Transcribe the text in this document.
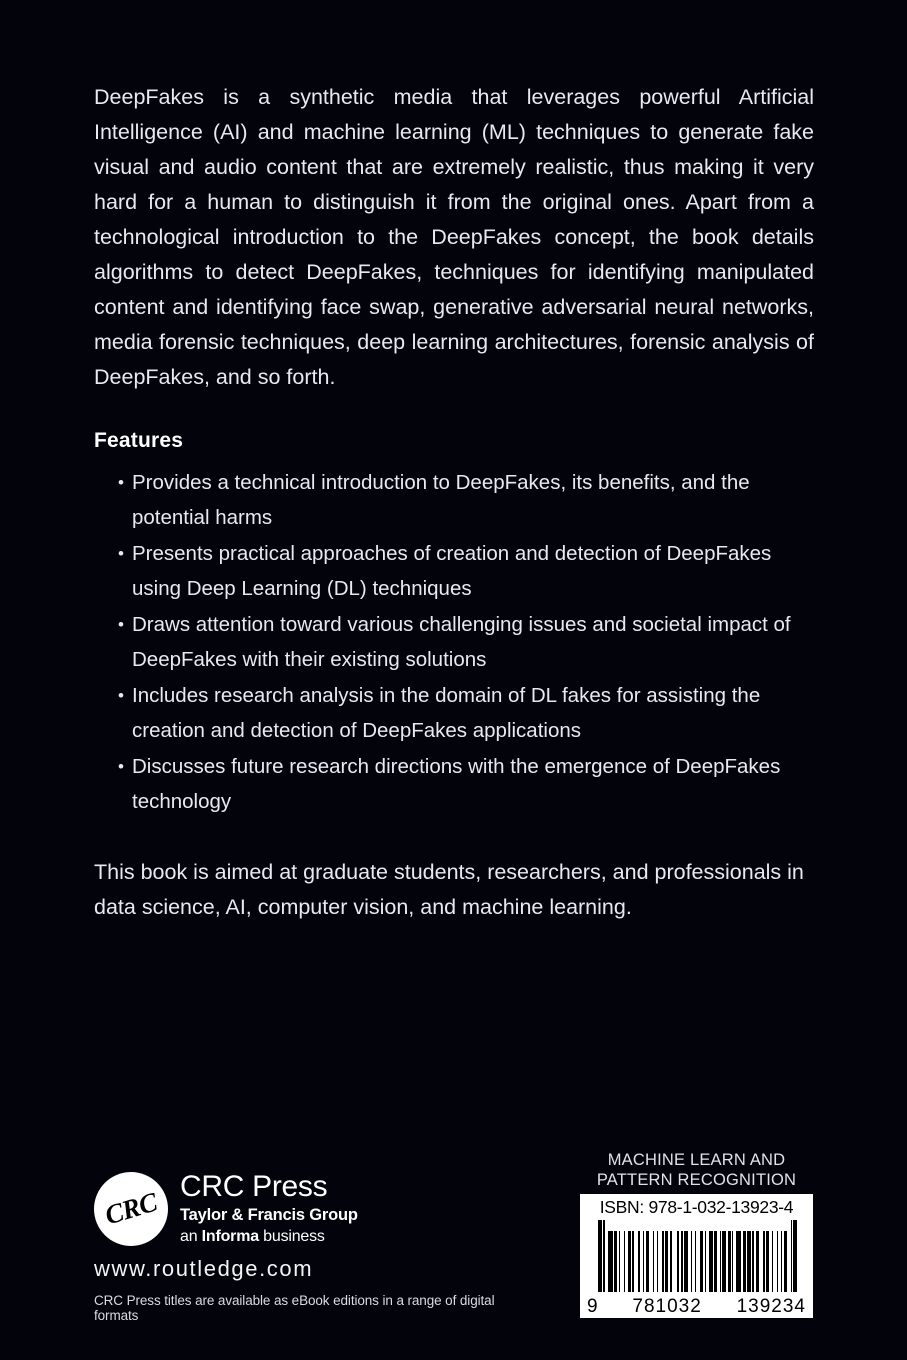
DeepFakes is a synthetic media that leverages powerful Artificial Intelligence (AI) and machine learning (ML) techniques to generate fake visual and audio content that are extremely realistic, thus making it very hard for a human to distinguish it from the original ones. Apart from a technological introduction to the DeepFakes concept, the book details algorithms to detect DeepFakes, techniques for identifying manipulated content and identifying face swap, generative adversarial neural networks, media forensic techniques, deep learning architectures, forensic analysis of DeepFakes, and so forth.

Features
• Provides a technical introduction to DeepFakes, its benefits, and the potential harms
• Presents practical approaches of creation and detection of DeepFakes using Deep Learning (DL) techniques
• Draws attention toward various challenging issues and societal impact of DeepFakes with their existing solutions
• Includes research analysis in the domain of DL fakes for assisting the creation and detection of DeepFakes applications
• Discusses future research directions with the emergence of DeepFakes technology

This book is aimed at graduate students, researchers, and professionals in data science, AI, computer vision, and machine learning.

CRC CRC Press
Taylor & Francis Group
an Informa business
www.routledge.com
CRC Press titles are available as eBook editions in a range of digital formats
MACHINE LEARN AND
PATTERN RECOGNITION
ISBN: 978-1-032-13923-4
9 781032 139234
